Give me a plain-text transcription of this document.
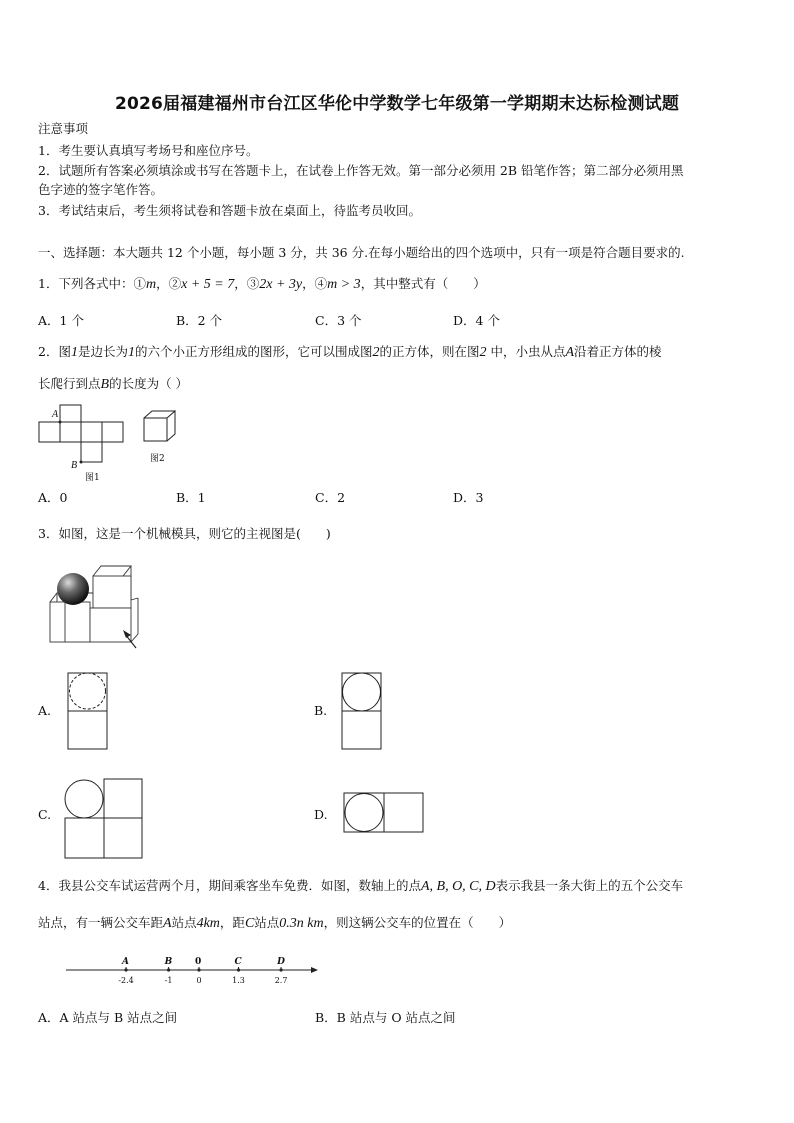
2026届福建福州市台江区华伦中学数学七年级第一学期期末达标检测试题
注意事项
1．考生要认真填写考场号和座位序号。
2．试题所有答案必须填涂或书写在答题卡上，在试卷上作答无效。第一部分必须用 2B 铅笔作答；第二部分必须用黑
色字迹的签字笔作答。
3．考试结束后，考生须将试卷和答题卡放在桌面上，待监考员收回。
一、选择题：本大题共 12 个小题，每小题 3 分，共 36 分.在每小题给出的四个选项中，只有一项是符合题目要求的.
1．下列各式中：①m，②x + 5 = 7，③2x + 3y，④m > 3，其中整式有（　　）
A．1 个	B．2 个	C．3 个	D．4 个
2．图1是边长为1的六个小正方形组成的图形，它可以围成图2的正方体，则在图2 中，小虫从点A沿着正方体的棱
长爬行到点B的长度为（ ）
A
B
图1
图2
A．0	B．1	C．2	D．3
3．如图，这是一个机械模具，则它的主视图是(　　)
A.	B.
C.	D.
4．我县公交车试运营两个月，期间乘客坐车免费．如图，数轴上的点A, B, O, C, D表示我县一条大街上的五个公交车
站点，有一辆公交车距A站点4km，距C站点0.3n km，则这辆公交车的位置在（　　）
A
-2.4
B
-1
0
0
C
1.3
D
2.7
A．A 站点与 B 站点之间	B．B 站点与 O 站点之间
